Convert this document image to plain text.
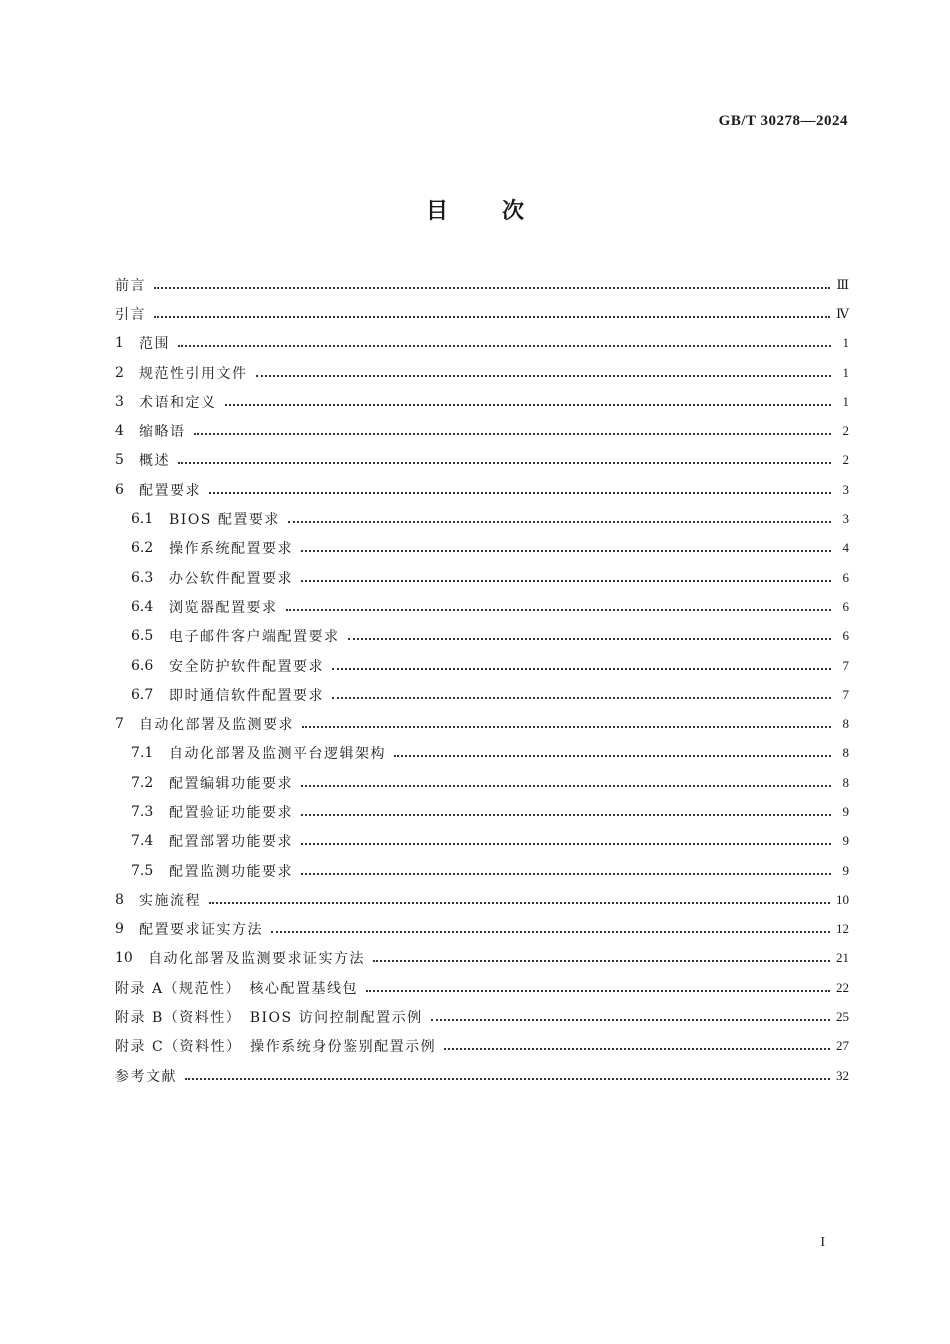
GB/T 30278—2024
目次
前言	Ⅲ
引言	Ⅳ
1	范围	1
2	规范性引用文件	1
3	术语和定义	1
4	缩略语	2
5	概述	2
6	配置要求	3
6.1	BIOS 配置要求	3
6.2	操作系统配置要求	4
6.3	办公软件配置要求	6
6.4	浏览器配置要求	6
6.5	电子邮件客户端配置要求	6
6.6	安全防护软件配置要求	7
6.7	即时通信软件配置要求	7
7	自动化部署及监测要求	8
7.1	自动化部署及监测平台逻辑架构	8
7.2	配置编辑功能要求	8
7.3	配置验证功能要求	9
7.4	配置部署功能要求	9
7.5	配置监测功能要求	9
8	实施流程	10
9	配置要求证实方法	12
10	自动化部署及监测要求证实方法	21
附录 A（规范性）　核心配置基线包	22
附录 B（资料性）　BIOS 访问控制配置示例	25
附录 C（资料性）　操作系统身份鉴别配置示例	27
参考文献	32
I
